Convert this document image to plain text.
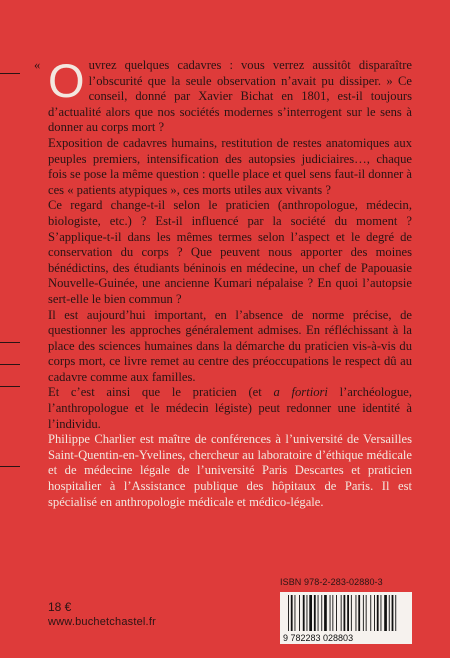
« Ouvrez quelques cadavres : vous verrez aussitôt disparaître l’obscurité que la seule observation n’avait pu dissiper. » Ce conseil, donné par Xavier Bichat en 1801, est-il toujours d’actualité alors que nos sociétés modernes s’interrogent sur le sens à donner au corps mort ?

Exposition de cadavres humains, restitution de restes anatomiques aux peuples premiers, intensification des autopsies judiciaires…, chaque fois se pose la même question : quelle place et quel sens faut-il donner à ces « patients atypiques », ces morts utiles aux vivants ?

Ce regard change-t-il selon le praticien (anthropologue, médecin, biologiste, etc.) ? Est-il influencé par la société du moment ? S’applique-t-il dans les mêmes termes selon l’aspect et le degré de conservation du corps ? Que peuvent nous apporter des moines bénédictins, des étudiants béninois en médecine, un chef de Papouasie Nouvelle-Guinée, une ancienne Kumari népalaise ? En quoi l’autopsie sert-elle le bien commun ?

Il est aujourd’hui important, en l’absence de norme précise, de questionner les approches généralement admises. En réfléchissant à la place des sciences humaines dans la démarche du praticien vis-à-vis du corps mort, ce livre remet au centre des préoccupations le respect dû au cadavre comme aux familles.

Et c’est ainsi que le praticien (et a fortiori l’archéologue, l’anthropologue et le médecin légiste) peut redonner une identité à l’individu.

Philippe Charlier est maître de conférences à l’université de Versailles Saint-Quentin-en-Yvelines, chercheur au laboratoire d’éthique médicale et de médecine légale de l’université Paris Descartes et praticien hospitalier à l’Assistance publique des hôpitaux de Paris. Il est spécialisé en anthropologie médicale et médico-légale.

ISBN 978-2-283-02880-3
9 782283 028803
18 €
www.buchetchastel.fr
